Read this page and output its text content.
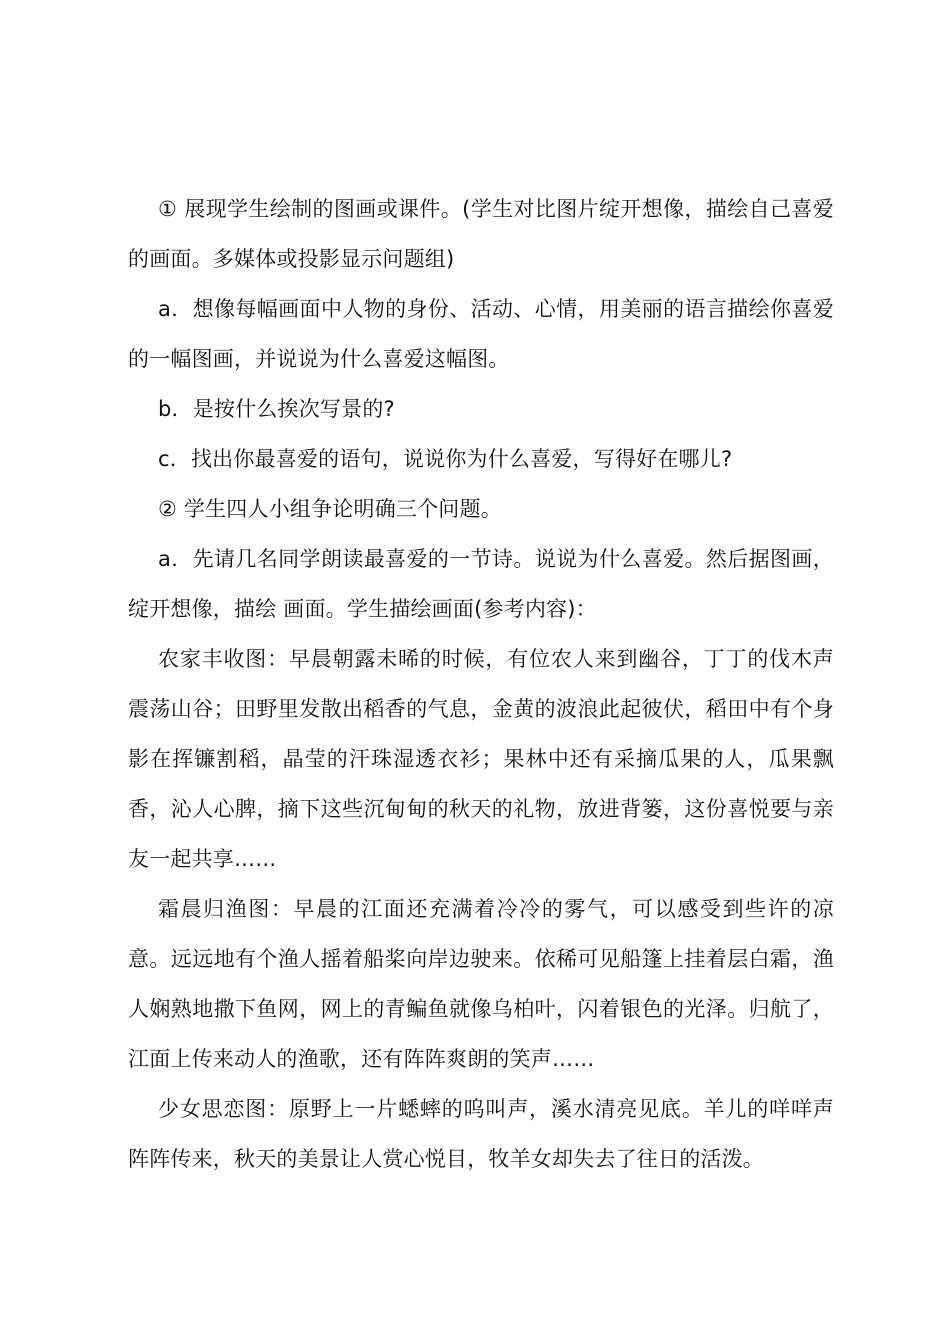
① 展现学生绘制的图画或课件。(学生对比图片绽开想像，描绘自己喜爱的画面。多媒体或投影显示问题组)

a．想像每幅画面中人物的身份、活动、心情，用美丽的语言描绘你喜爱的一幅图画，并说说为什么喜爱这幅图。

b．是按什么挨次写景的?

c．找出你最喜爱的语句，说说你为什么喜爱，写得好在哪儿?

② 学生四人小组争论明确三个问题。

a．先请几名同学朗读最喜爱的一节诗。说说为什么喜爱。然后据图画，绽开想像，描绘 画面。学生描绘画面(参考内容)：

农家丰收图：早晨朝露未晞的时候，有位农人来到幽谷，丁丁的伐木声震荡山谷；田野里发散出稻香的气息，金黄的波浪此起彼伏，稻田中有个身影在挥镰割稻，晶莹的汗珠湿透衣衫；果林中还有采摘瓜果的人，瓜果飘香，沁人心脾，摘下这些沉甸甸的秋天的礼物，放进背篓，这份喜悦要与亲友一起共享……

霜晨归渔图：早晨的江面还充满着冷冷的雾气，可以感受到些许的凉意。远远地有个渔人摇着船桨向岸边驶来。依稀可见船篷上挂着层白霜，渔人娴熟地撒下鱼网，网上的青鳊鱼就像乌柏叶，闪着银色的光泽。归航了，江面上传来动人的渔歌，还有阵阵爽朗的笑声……

少女思恋图：原野上一片蟋蟀的呜叫声，溪水清亮见底。羊儿的咩咩声阵阵传来，秋天的美景让人赏心悦目，牧羊女却失去了往日的活泼。
